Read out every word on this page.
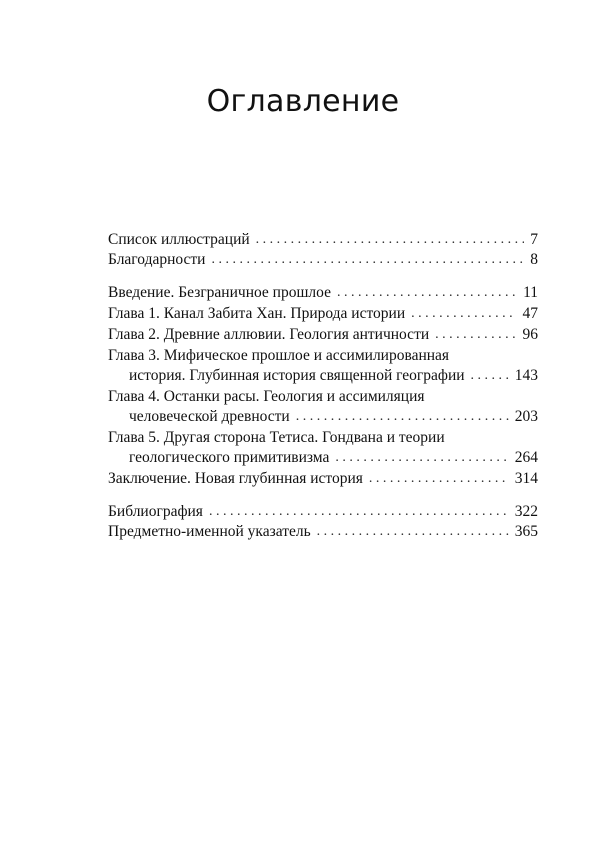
Оглавление
Список иллюстраций . . .	7
Благодарности . . .	8
Введение. Безграничное прошлое . . .	11
Глава 1. Канал Забита Хан. Природа истории . . .	47
Глава 2. Древние аллювии. Геология античности . . .	96
Глава 3. Мифическое прошлое и ассимилированная
история. Глубинная история священной географии . . .	143
Глава 4. Останки расы. Геология и ассимиляция
человеческой древности . . .	203
Глава 5. Другая сторона Тетиса. Гондвана и теории
геологического примитивизма . . .	264
Заключение. Новая глубинная история . . .	314
Библиография . . .	322
Предметно-именной указатель . . .	365
